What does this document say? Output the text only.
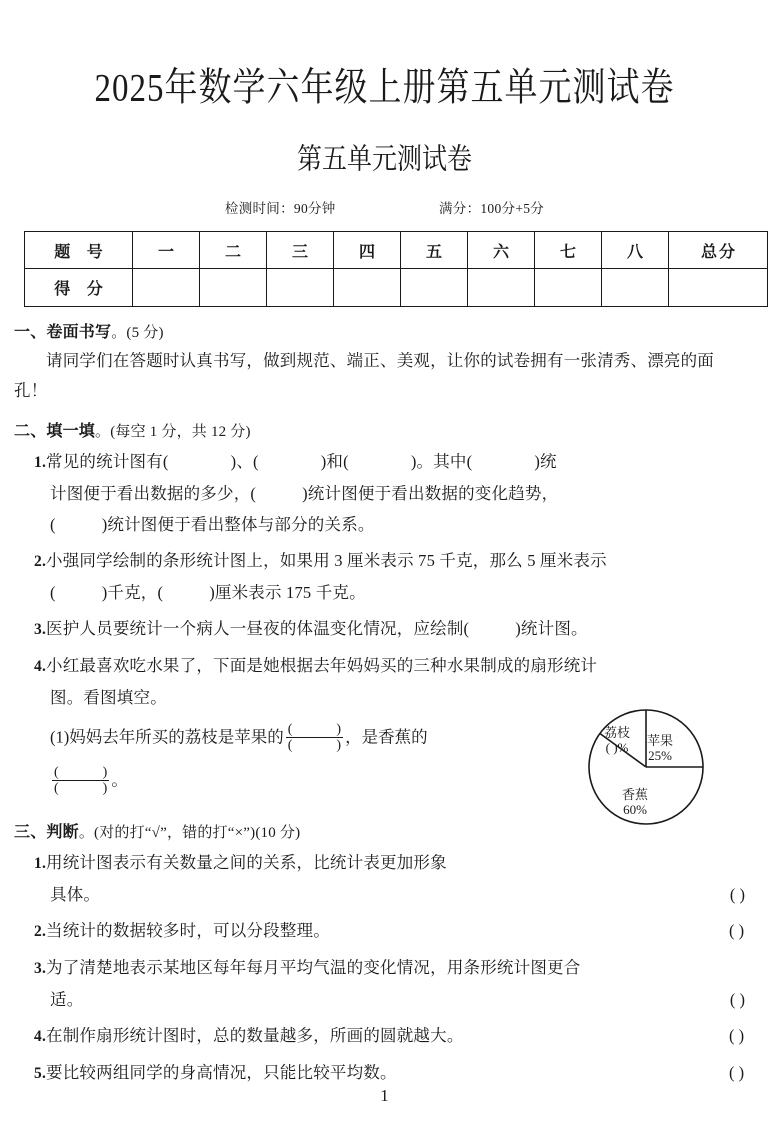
2025年数学六年级上册第五单元测试卷
第五单元测试卷
检测时间：90分钟	满分：100分+5分
题 号	一	二	三	四	五	六	七	八	总分
得 分									
一、卷面书写。(5 分)

请同学们在答题时认真书写，做到规范、端正、美观，让你的试卷拥有一张清秀、漂亮的面孔！

二、填一填。(每空 1 分，共 12 分)
1.常见的统计图有(	)、(	)和(	)。其中(	)统
计图便于看出数据的多少，(	)统计图便于看出数据的变化趋势，
(	)统计图便于看出整体与部分的关系。
2.小强同学绘制的条形统计图上，如果用 3 厘米表示 75 千克，那么 5 厘米表示
(	)千克，(	)厘米表示 175 千克。
3.医护人员要统计一个病人一昼夜的体温变化情况，应绘制(	)统计图。
4.小红最喜欢吃水果了，下面是她根据去年妈妈买的三种水果制成的扇形统计
图。看图填空。
(1)妈妈去年所买的荔枝是苹果的 (	)
(	) ，是香蕉的
(	)
(	) 。
三、判断。(对的打“√”，错的打“×”)(10 分)
1.用统计图表示有关数量之间的关系，比统计表更加形象
具体。	( )
2.当统计的数据较多时，可以分段整理。	( )
3.为了清楚地表示某地区每年每月平均气温的变化情况，用条形统计图更合
适。	( )
4.在制作扇形统计图时，总的数量越多，所画的圆就越大。	( )
5.要比较两组同学的身高情况，只能比较平均数。	( )
苹果
25%
香蕉
60%
荔枝
( )%
1
